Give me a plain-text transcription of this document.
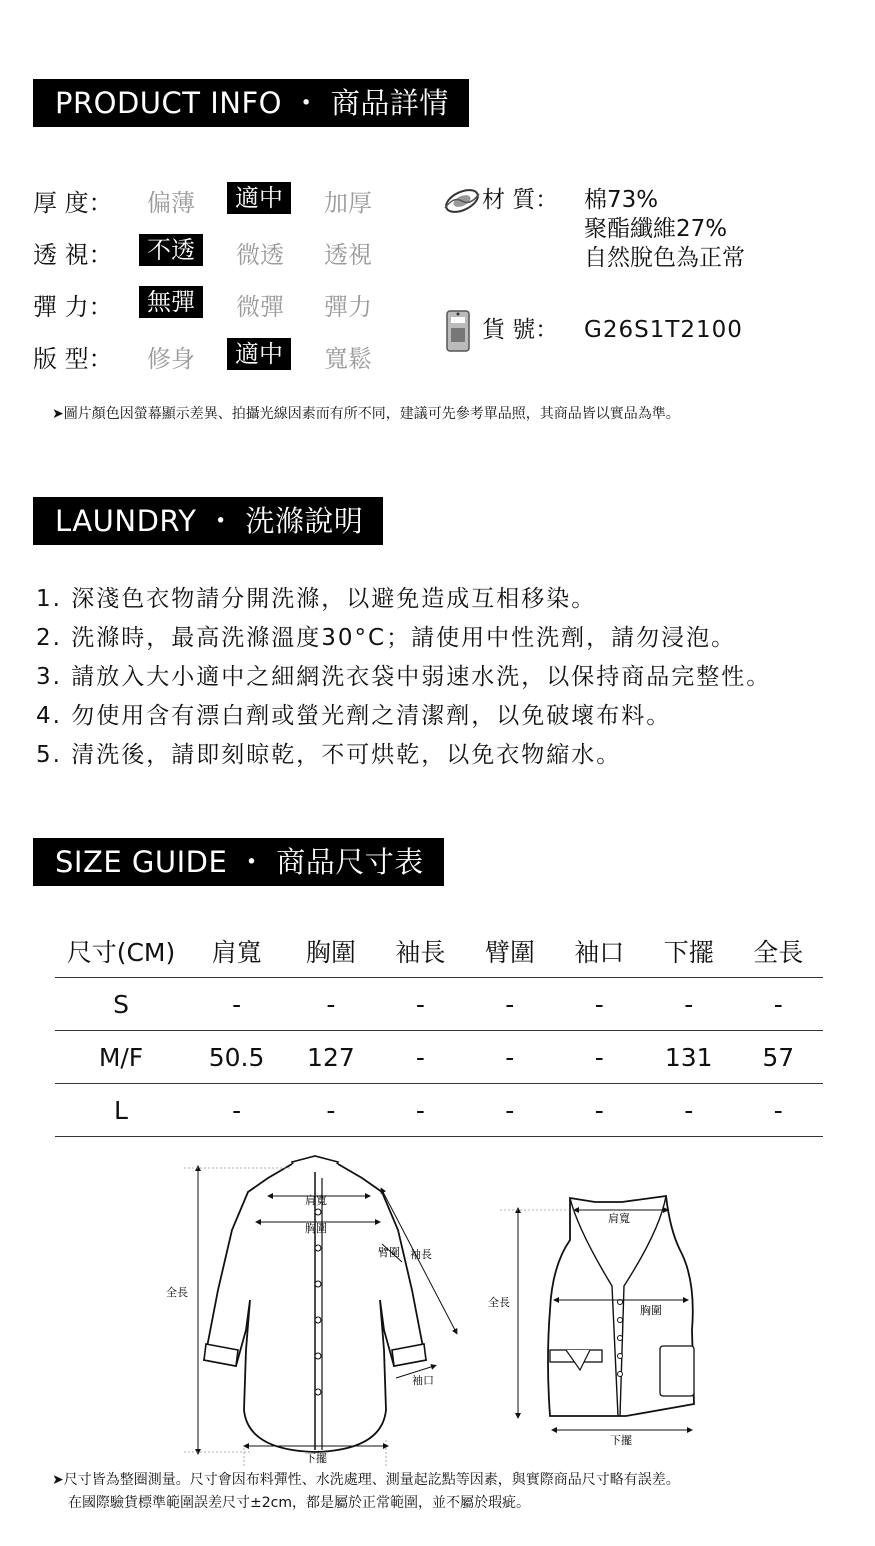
PRODUCT INFO ・ 商品詳情
厚 度： 偏薄	適中	加厚
透 視：	不透	微透 透視
彈 力：	無彈	微彈 彈力
版 型： 修身	適中	寬鬆
材 質： 棉73%
聚酯纖維27%
自然脫色為正常
貨 號： G26S1T2100
➤圖片顏色因螢幕顯示差異、拍攝光線因素而有所不同，建議可先參考單品照，其商品皆以實品為準。
LAUNDRY ・ 洗滌說明
1. 深淺色衣物請分開洗滌，以避免造成互相移染。
2. 洗滌時，最高洗滌溫度30°C；請使用中性洗劑，請勿浸泡。
3. 請放入大小適中之細網洗衣袋中弱速水洗，以保持商品完整性。
4. 勿使用含有漂白劑或螢光劑之清潔劑，以免破壞布料。
5. 清洗後，請即刻晾乾，不可烘乾，以免衣物縮水。
SIZE GUIDE ・ 商品尺寸表
尺寸(CM)	肩寬	胸圍	袖長	臂圍	袖口	下擺	全長
S	-	-	-	-	-	-	-
M/F	50.5	127	-	-	-	131	57
L	-	-	-	-	-	-	-
肩寬
胸圍
臂圍 袖長
全長
袖口
下擺
肩寬
胸圍
全長
下擺
➤尺寸皆為整圈測量。尺寸會因布料彈性、水洗處理、測量起訖點等因素，與實際商品尺寸略有誤差。
在國際驗貨標準範圍誤差尺寸±2cm，都是屬於正常範圍，並不屬於瑕疵。
